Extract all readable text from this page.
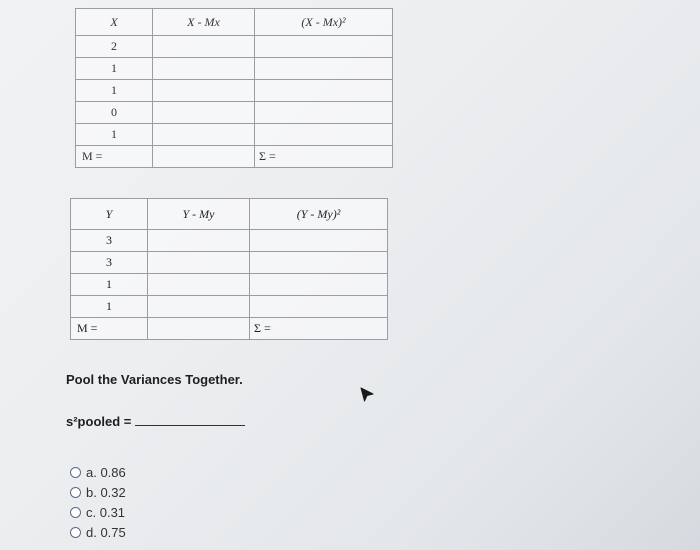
X	X - Mx	(X - Mx)²
2		
1		
1		
0		
1		
M =		Σ =
Y	Y - My	(Y - My)²
3		
3		
1		
1		
M =		Σ =
Pool the Variances Together.
s²pooled =
a. 0.86
b. 0.32
c. 0.31
d. 0.75
